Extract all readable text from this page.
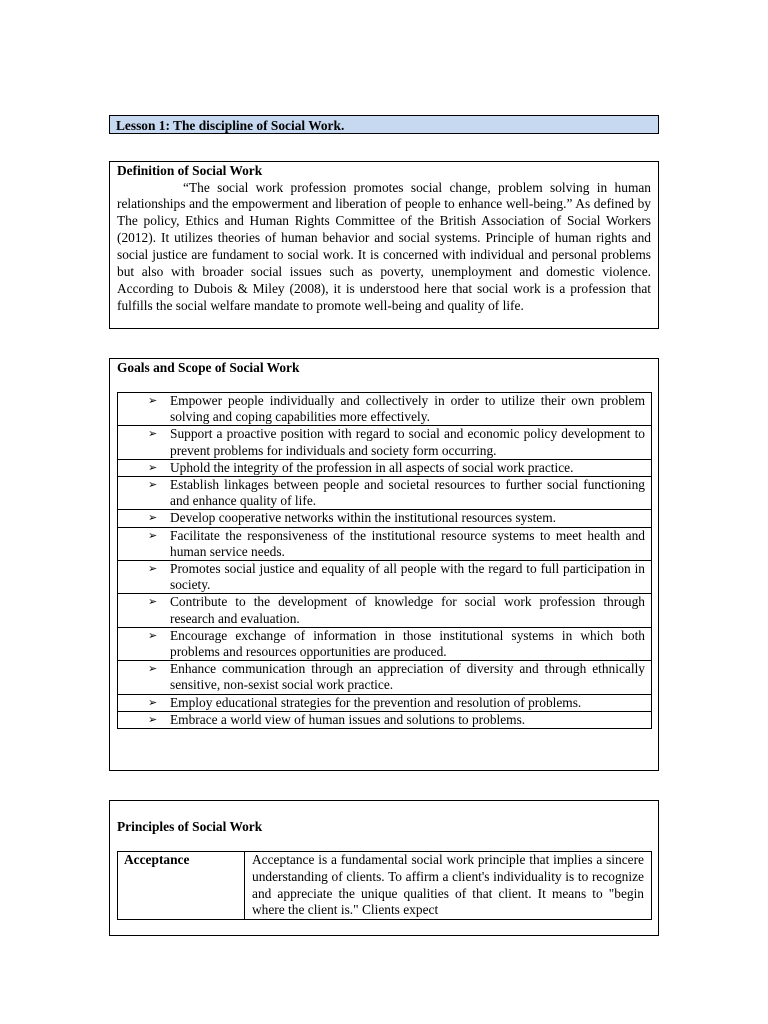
Lesson 1: The discipline of Social Work.
Definition of Social Work
“The social work profession promotes social change, problem solving in human relationships and the empowerment and liberation of people to enhance well-being.” As defined by The policy, Ethics and Human Rights Committee of the British Association of Social Workers (2012). It utilizes theories of human behavior and social systems. Principle of human rights and social justice are fundament to social work. It is concerned with individual and personal problems but also with broader social issues such as poverty, unemployment and domestic violence. According to Dubois & Miley (2008), it is understood here that social work is a profession that fulfills the social welfare mandate to promote well-being and quality of life.
Goals and Scope of Social Work
➢ Empower people individually and collectively in order to utilize their own problem solving and coping capabilities more effectively.

➢ Support a proactive position with regard to social and economic policy development to prevent problems for individuals and society form occurring.

➢ Uphold the integrity of the profession in all aspects of social work practice.

➢ Establish linkages between people and societal resources to further social functioning and enhance quality of life.

➢ Develop cooperative networks within the institutional resources system.

➢ Facilitate the responsiveness of the institutional resource systems to meet health and human service needs.

➢ Promotes social justice and equality of all people with the regard to full participation in society.

➢ Contribute to the development of knowledge for social work profession through research and evaluation.

➢ Encourage exchange of information in those institutional systems in which both problems and resources opportunities are produced.

➢ Enhance communication through an appreciation of diversity and through ethnically sensitive, non-sexist social work practice.

➢ Employ educational strategies for the prevention and resolution of problems.

➢ Embrace a world view of human issues and solutions to problems.
Principles of Social Work
Acceptance	Acceptance is a fundamental social work principle that implies a sincere understanding of clients. To affirm a client's individuality is to recognize and appreciate the unique qualities of that client. It means to "begin where the client is." Clients expect
